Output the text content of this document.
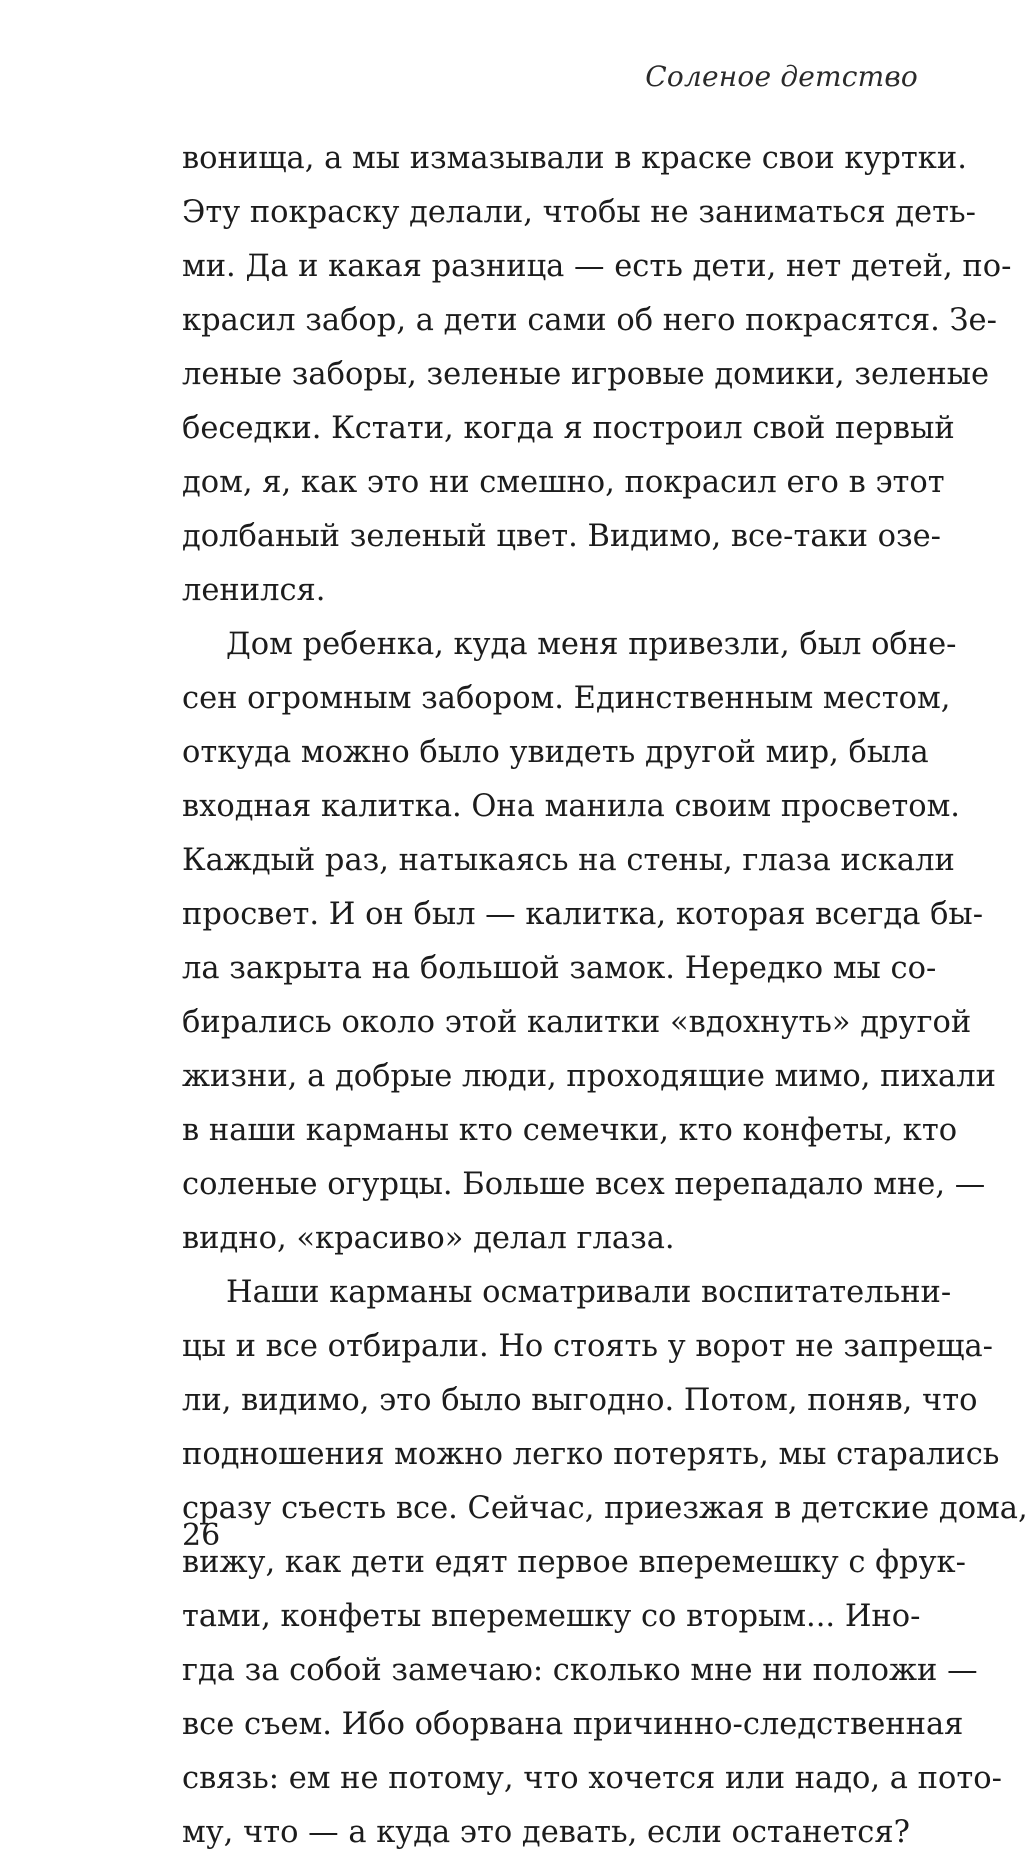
Соленое детство
вонища, а мы измазывали в краске свои куртки.
Эту покраску делали, чтобы не заниматься деть-
ми. Да и какая разница — есть дети, нет детей, по-
красил забор, а дети сами об него покрасятся. Зе-
леные заборы, зеленые игровые домики, зеленые
беседки. Кстати, когда я построил свой первый
дом, я, как это ни смешно, покрасил его в этот
долбаный зеленый цвет. Видимо, все-таки озе-
ленился.
Дом ребенка, куда меня привезли, был обне-
сен огромным забором. Единственным местом,
откуда можно было увидеть другой мир, была
входная калитка. Она манила своим просветом.
Каждый раз, натыкаясь на стены, глаза искали
просвет. И он был — калитка, которая всегда бы-
ла закрыта на большой замок. Нередко мы со-
бирались около этой калитки «вдохнуть» другой
жизни, а добрые люди, проходящие мимо, пихали
в наши карманы кто семечки, кто конфеты, кто
соленые огурцы. Больше всех перепадало мне, —
видно, «красиво» делал глаза.
Наши карманы осматривали воспитательни-
цы и все отбирали. Но стоять у ворот не запреща-
ли, видимо, это было выгодно. Потом, поняв, что
подношения можно легко потерять, мы старались
сразу съесть все. Сейчас, приезжая в детские дома,
вижу, как дети едят первое вперемешку с фрук-
тами, конфеты вперемешку со вторым... Ино-
гда за собой замечаю: сколько мне ни положи —
все съем. Ибо оборвана причинно-следственная
связь: ем не потому, что хочется или надо, а пото-
му, что — а куда это девать, если останется?
26
